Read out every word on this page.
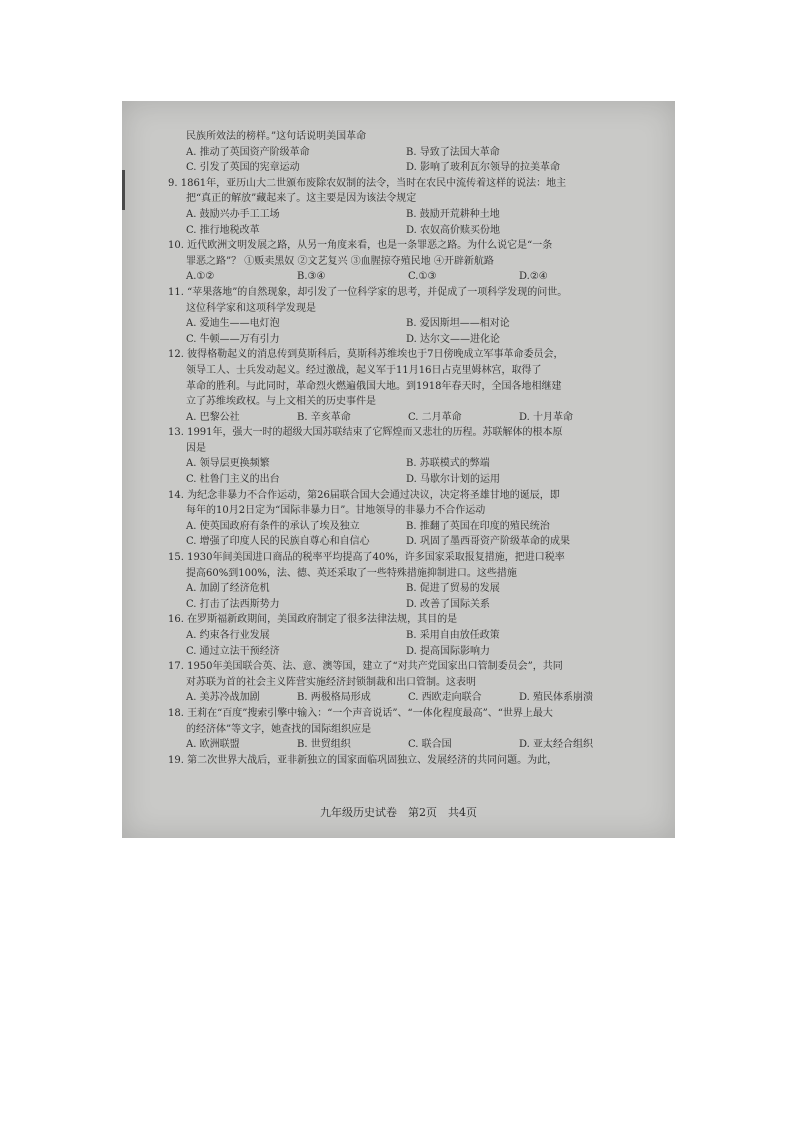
民族所效法的榜样。”这句话说明美国革命
A. 推动了英国资产阶级革命	B. 导致了法国大革命
C. 引发了英国的宪章运动	D. 影响了玻利瓦尔领导的拉美革命
9. 1861年，亚历山大二世颁布废除农奴制的法令，当时在农民中流传着这样的说法：地主
把“真正的解放”藏起来了。这主要是因为该法令规定
A. 鼓励兴办手工工场	B. 鼓励开荒耕种土地
C. 推行地税改革	D. 农奴高价赎买份地
10. 近代欧洲文明发展之路，从另一角度来看，也是一条罪恶之路。为什么说它是“一条
罪恶之路”？ ①贩卖黑奴 ②文艺复兴 ③血腥掠夺殖民地 ④开辟新航路
A.①②	B.③④	C.①③	D.②④
11. “苹果落地”的自然现象，却引发了一位科学家的思考，并促成了一项科学发现的问世。
这位科学家和这项科学发现是
A. 爱迪生——电灯泡	B. 爱因斯坦——相对论
C. 牛顿——万有引力	D. 达尔文——进化论
12. 彼得格勒起义的消息传到莫斯科后，莫斯科苏维埃也于7日傍晚成立军事革命委员会，
领导工人、士兵发动起义。经过激战，起义军于11月16日占克里姆林宫，取得了
革命的胜利。与此同时，革命烈火燃遍俄国大地。到1918年春天时，全国各地相继建
立了苏维埃政权。与上文相关的历史事件是
A. 巴黎公社	B. 辛亥革命	C. 二月革命	D. 十月革命
13. 1991年，强大一时的超级大国苏联结束了它辉煌而又悲壮的历程。苏联解体的根本原
因是
A. 领导层更换频繁	B. 苏联模式的弊端
C. 杜鲁门主义的出台	D. 马歇尔计划的运用
14. 为纪念非暴力不合作运动，第26届联合国大会通过决议，决定将圣雄甘地的诞辰，即
每年的10月2日定为“国际非暴力日”。甘地领导的非暴力不合作运动
A. 使英国政府有条件的承认了埃及独立	B. 推翻了英国在印度的殖民统治
C. 增强了印度人民的民族自尊心和自信心	D. 巩固了墨西哥资产阶级革命的成果
15. 1930年间美国进口商品的税率平均提高了40%，许多国家采取报复措施，把进口税率
提高60%到100%，法、德、英还采取了一些特殊措施抑制进口。这些措施
A. 加剧了经济危机	B. 促进了贸易的发展
C. 打击了法西斯势力	D. 改善了国际关系
16. 在罗斯福新政期间，美国政府制定了很多法律法规，其目的是
A. 约束各行业发展	B. 采用自由放任政策
C. 通过立法干预经济	D. 提高国际影响力
17. 1950年美国联合英、法、意、澳等国，建立了“对共产党国家出口管制委员会”，共同
对苏联为首的社会主义阵营实施经济封锁制裁和出口管制。这表明
A. 美苏冷战加剧	B. 两极格局形成	C. 西欧走向联合	D. 殖民体系崩溃
18. 王莉在“百度”搜索引擎中输入：“一个声音说话”、“一体化程度最高”、“世界上最大
的经济体”等文字，她查找的国际组织应是
A. 欧洲联盟	B. 世贸组织	C. 联合国	D. 亚太经合组织
19. 第二次世界大战后，亚非新独立的国家面临巩固独立、发展经济的共同问题。为此，
九年级历史试卷　第2页　共4页
